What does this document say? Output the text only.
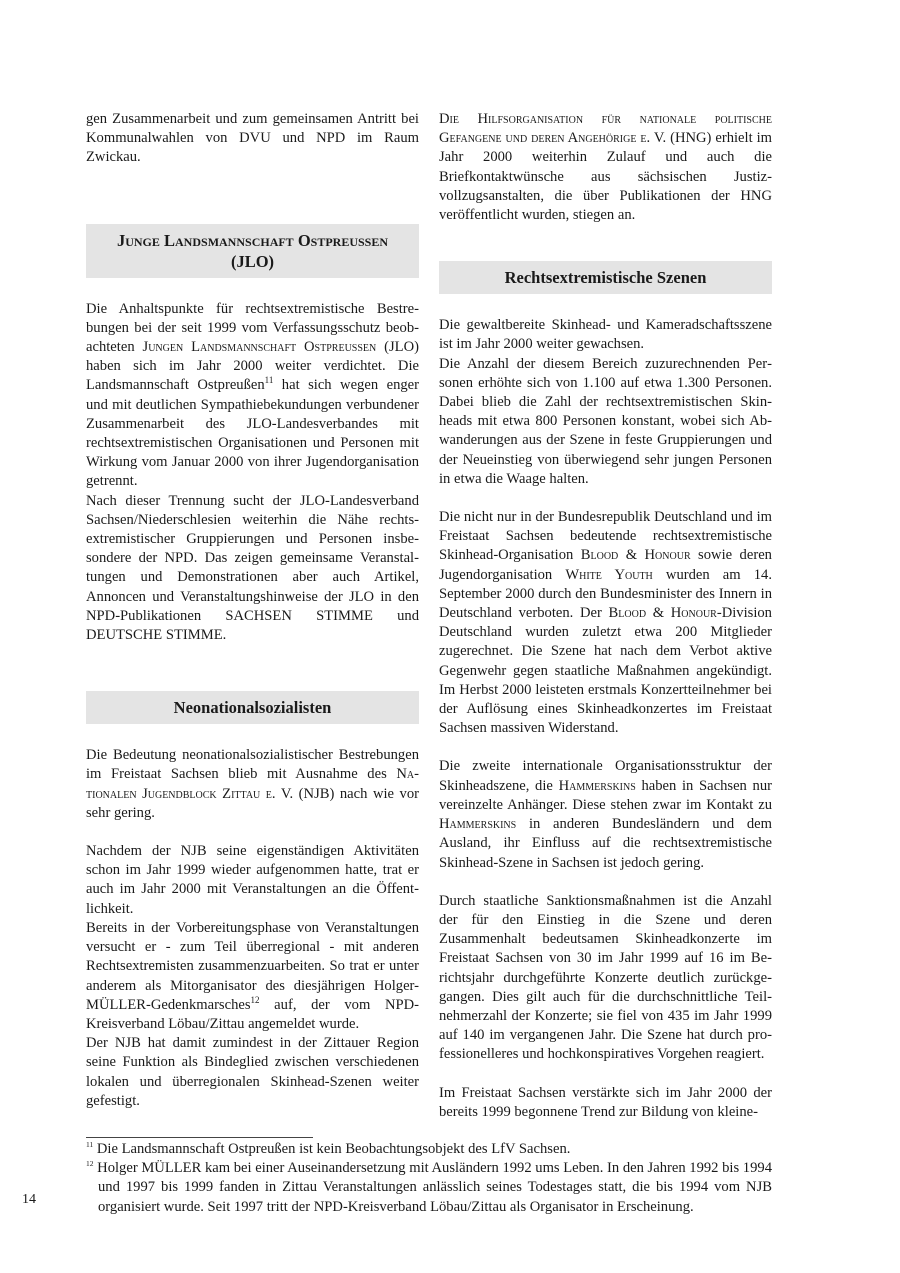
gen Zusammenarbeit und zum gemeinsamen Antritt bei Kommunalwahlen von DVU und NPD im Raum Zwickau.

Junge Landsmannschaft Ostpreußen
(JLO)

Die Anhaltspunkte für rechtsextremistische Bestrebungen bei der seit 1999 vom Verfassungsschutz beobachteten Jungen Landsmannschaft Ostpreußen (JLO) haben sich im Jahr 2000 weiter verdichtet. Die Landsmannschaft Ostpreußen$^{11}$ hat sich wegen enger und mit deutlichen Sympathiebekundungen verbundener Zusammenarbeit des JLO-Landesverbandes mit rechtsextremistischen Organisationen und Personen mit Wirkung vom Januar 2000 von ihrer Jugendorganisation getrennt.

Nach dieser Trennung sucht der JLO-Landesverband Sachsen/Niederschlesien weiterhin die Nähe rechtsextremistischer Gruppierungen und Personen insbesondere der NPD. Das zeigen gemeinsame Veranstaltungen und Demonstrationen aber auch Artikel, Annoncen und Veranstaltungshinweise der JLO in den NPD-Publikationen SACHSEN STIMME und DEUTSCHE STIMME.

Neonationalsozialisten

Die Bedeutung neonationalsozialistischer Bestrebungen im Freistaat Sachsen blieb mit Ausnahme des Nationalen Jugendblock Zittau e. V. (NJB) nach wie vor sehr gering.

Nachdem der NJB seine eigenständigen Aktivitäten schon im Jahr 1999 wieder aufgenommen hatte, trat er auch im Jahr 2000 mit Veranstaltungen an die Öffentlichkeit.

Bereits in der Vorbereitungsphase von Veranstaltungen versucht er - zum Teil überregional - mit anderen Rechtsextremisten zusammenzuarbeiten. So trat er unter anderem als Mitorganisator des diesjährigen Holger-MÜLLER-Gedenkmarsches$^{12}$ auf, der vom NPD-Kreisverband Löbau/Zittau angemeldet wurde.

Der NJB hat damit zumindest in der Zittauer Region seine Funktion als Bindeglied zwischen verschiedenen lokalen und überregionalen Skinhead-Szenen weiter gefestigt.

Die Hilfsorganisation für nationale politische Gefangene und deren Angehörige e. V. (HNG) erhielt im Jahr 2000 weiterhin Zulauf und auch die Briefkontaktwünsche aus sächsischen Justizvollzugsanstalten, die über Publikationen der HNG veröffentlicht wurden, stiegen an.

Rechtsextremistische Szenen

Die gewaltbereite Skinhead- und Kameradschaftsszene ist im Jahr 2000 weiter gewachsen.

Die Anzahl der diesem Bereich zuzurechnenden Personen erhöhte sich von 1.100 auf etwa 1.300 Personen. Dabei blieb die Zahl der rechtsextremistischen Skinheads mit etwa 800 Personen konstant, wobei sich Abwanderungen aus der Szene in feste Gruppierungen und der Neueinstieg von überwiegend sehr jungen Personen in etwa die Waage halten.

Die nicht nur in der Bundesrepublik Deutschland und im Freistaat Sachsen bedeutende rechtsextremistische Skinhead-Organisation Blood & Honour sowie deren Jugendorganisation White Youth wurden am 14. September 2000 durch den Bundesminister des Innern in Deutschland verboten. Der Blood & Honour-Division Deutschland wurden zuletzt etwa 200 Mitglieder zugerechnet. Die Szene hat nach dem Verbot aktive Gegenwehr gegen staatliche Maßnahmen angekündigt. Im Herbst 2000 leisteten erstmals Konzertteilnehmer bei der Auflösung eines Skinheadkonzertes im Freistaat Sachsen massiven Widerstand.

Die zweite internationale Organisationsstruktur der Skinheadszene, die Hammerskins haben in Sachsen nur vereinzelte Anhänger. Diese stehen zwar im Kontakt zu Hammerskins in anderen Bundesländern und dem Ausland, ihr Einfluss auf die rechtsextremistische Skinhead-Szene in Sachsen ist jedoch gering.

Durch staatliche Sanktionsmaßnahmen ist die Anzahl der für den Einstieg in die Szene und deren Zusammenhalt bedeutsamen Skinheadkonzerte im Freistaat Sachsen von 30 im Jahr 1999 auf 16 im Berichtsjahr durchgeführte Konzerte deutlich zurückgegangen. Dies gilt auch für die durchschnittliche Teilnehmerzahl der Konzerte; sie fiel von 435 im Jahr 1999 auf 140 im vergangenen Jahr. Die Szene hat durch professionelleres und hochkonspiratives Vorgehen reagiert.

Im Freistaat Sachsen verstärkte sich im Jahr 2000 der bereits 1999 begonnene Trend zur Bildung von kleine-

$^{11}$ Die Landsmannschaft Ostpreußen ist kein Beobachtungsobjekt des LfV Sachsen.

$^{12}$ Holger MÜLLER kam bei einer Auseinandersetzung mit Ausländern 1992 ums Leben. In den Jahren 1992 bis 1994 und 1997 bis 1999 fanden in Zittau Veranstaltungen anlässlich seines Todestages statt, die bis 1994 vom NJB organisiert wurde. Seit 1997 tritt der NPD-Kreisverband Löbau/Zittau als Organisator in Erscheinung.

14
